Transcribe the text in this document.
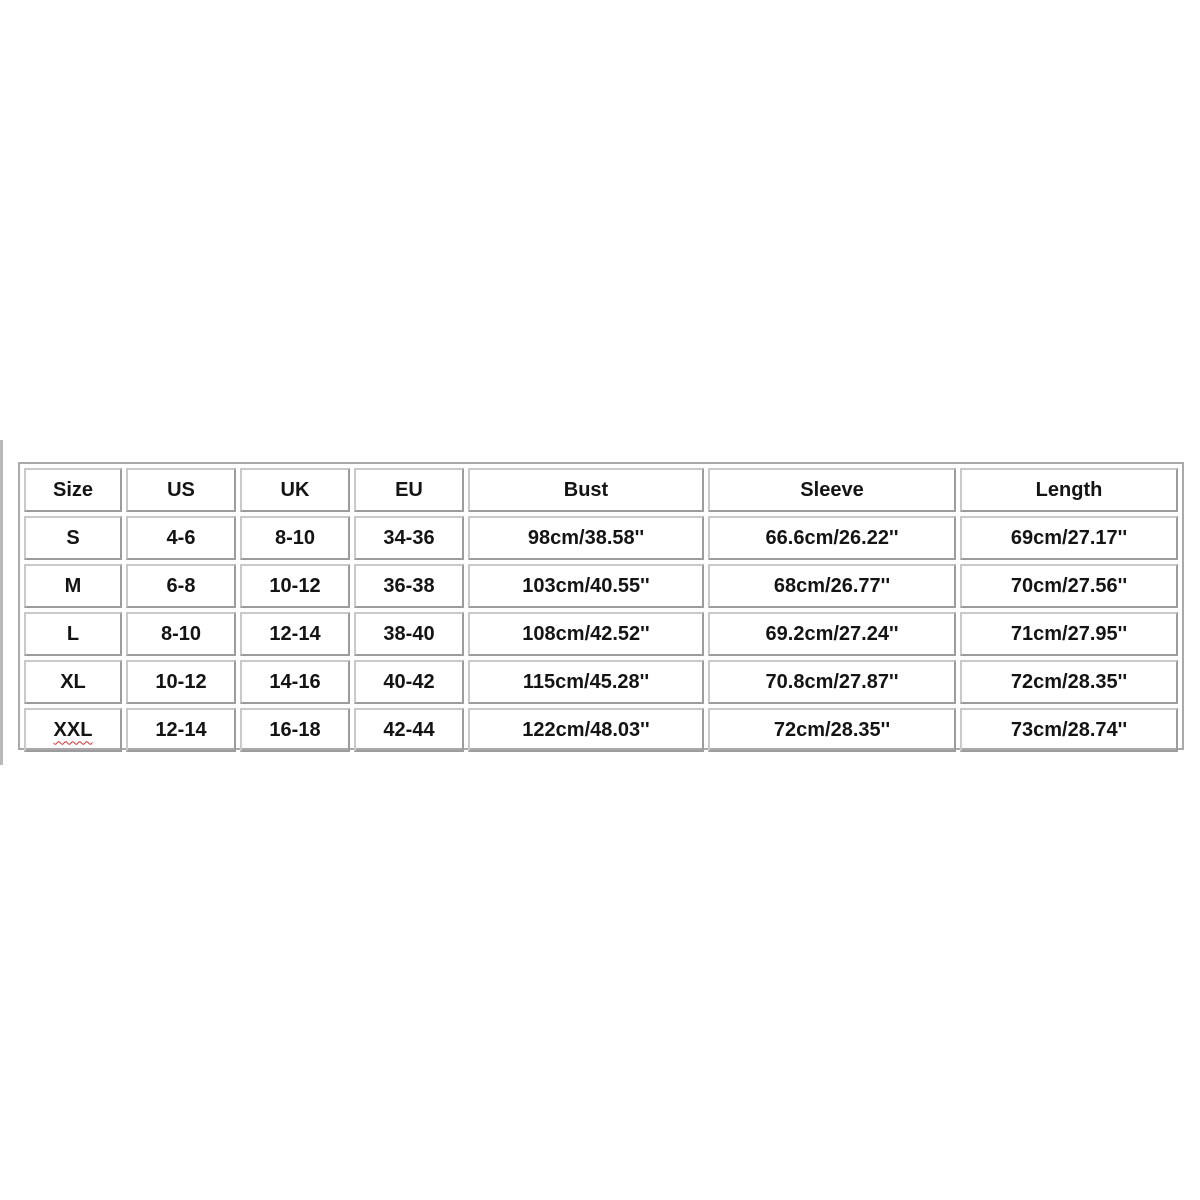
Size	US	UK	EU	Bust	Sleeve	Length
S	4-6	8-10	34-36	98cm/38.58''	66.6cm/26.22''	69cm/27.17''
M	6-8	10-12	36-38	103cm/40.55''	68cm/26.77''	70cm/27.56''
L	8-10	12-14	38-40	108cm/42.52''	69.2cm/27.24''	71cm/27.95''
XL	10-12	14-16	40-42	115cm/45.28''	70.8cm/27.87''	72cm/28.35''
XXL	12-14	16-18	42-44	122cm/48.03''	72cm/28.35''	73cm/28.74''
